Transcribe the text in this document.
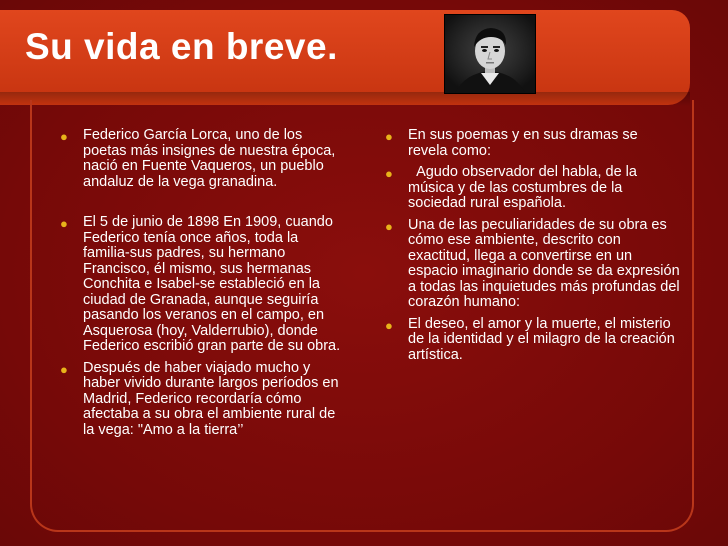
Su vida en breve.
● Federico García Lorca, uno de los poetas más insignes de nuestra época, nació en Fuente Vaqueros, un pueblo andaluz de la vega granadina.
● El 5 de junio de 1898 En 1909, cuando Federico tenía once años, toda la familia-sus padres, su hermano Francisco, él mismo, sus hermanas Conchita e Isabel-se estableció en la ciudad de Granada, aunque seguiría pasando los veranos en el campo, en Asquerosa (hoy, Valderrubio), donde Federico escribió gran parte de su obra.
● Después de haber viajado mucho y haber vivido durante largos períodos en Madrid, Federico recordaría cómo afectaba a su obra el ambiente rural de la vega: "Amo a la tierra’’
● En sus poemas y en sus dramas se revela como:
● Agudo observador del habla, de la música y de las costumbres de la sociedad rural española.
● Una de las peculiaridades de su obra es cómo ese ambiente, descrito con exactitud, llega a convertirse en un espacio imaginario donde se da expresión a todas las inquietudes más profundas del corazón humano:
● El deseo, el amor y la muerte, el misterio de la identidad y el milagro de la creación artística.
